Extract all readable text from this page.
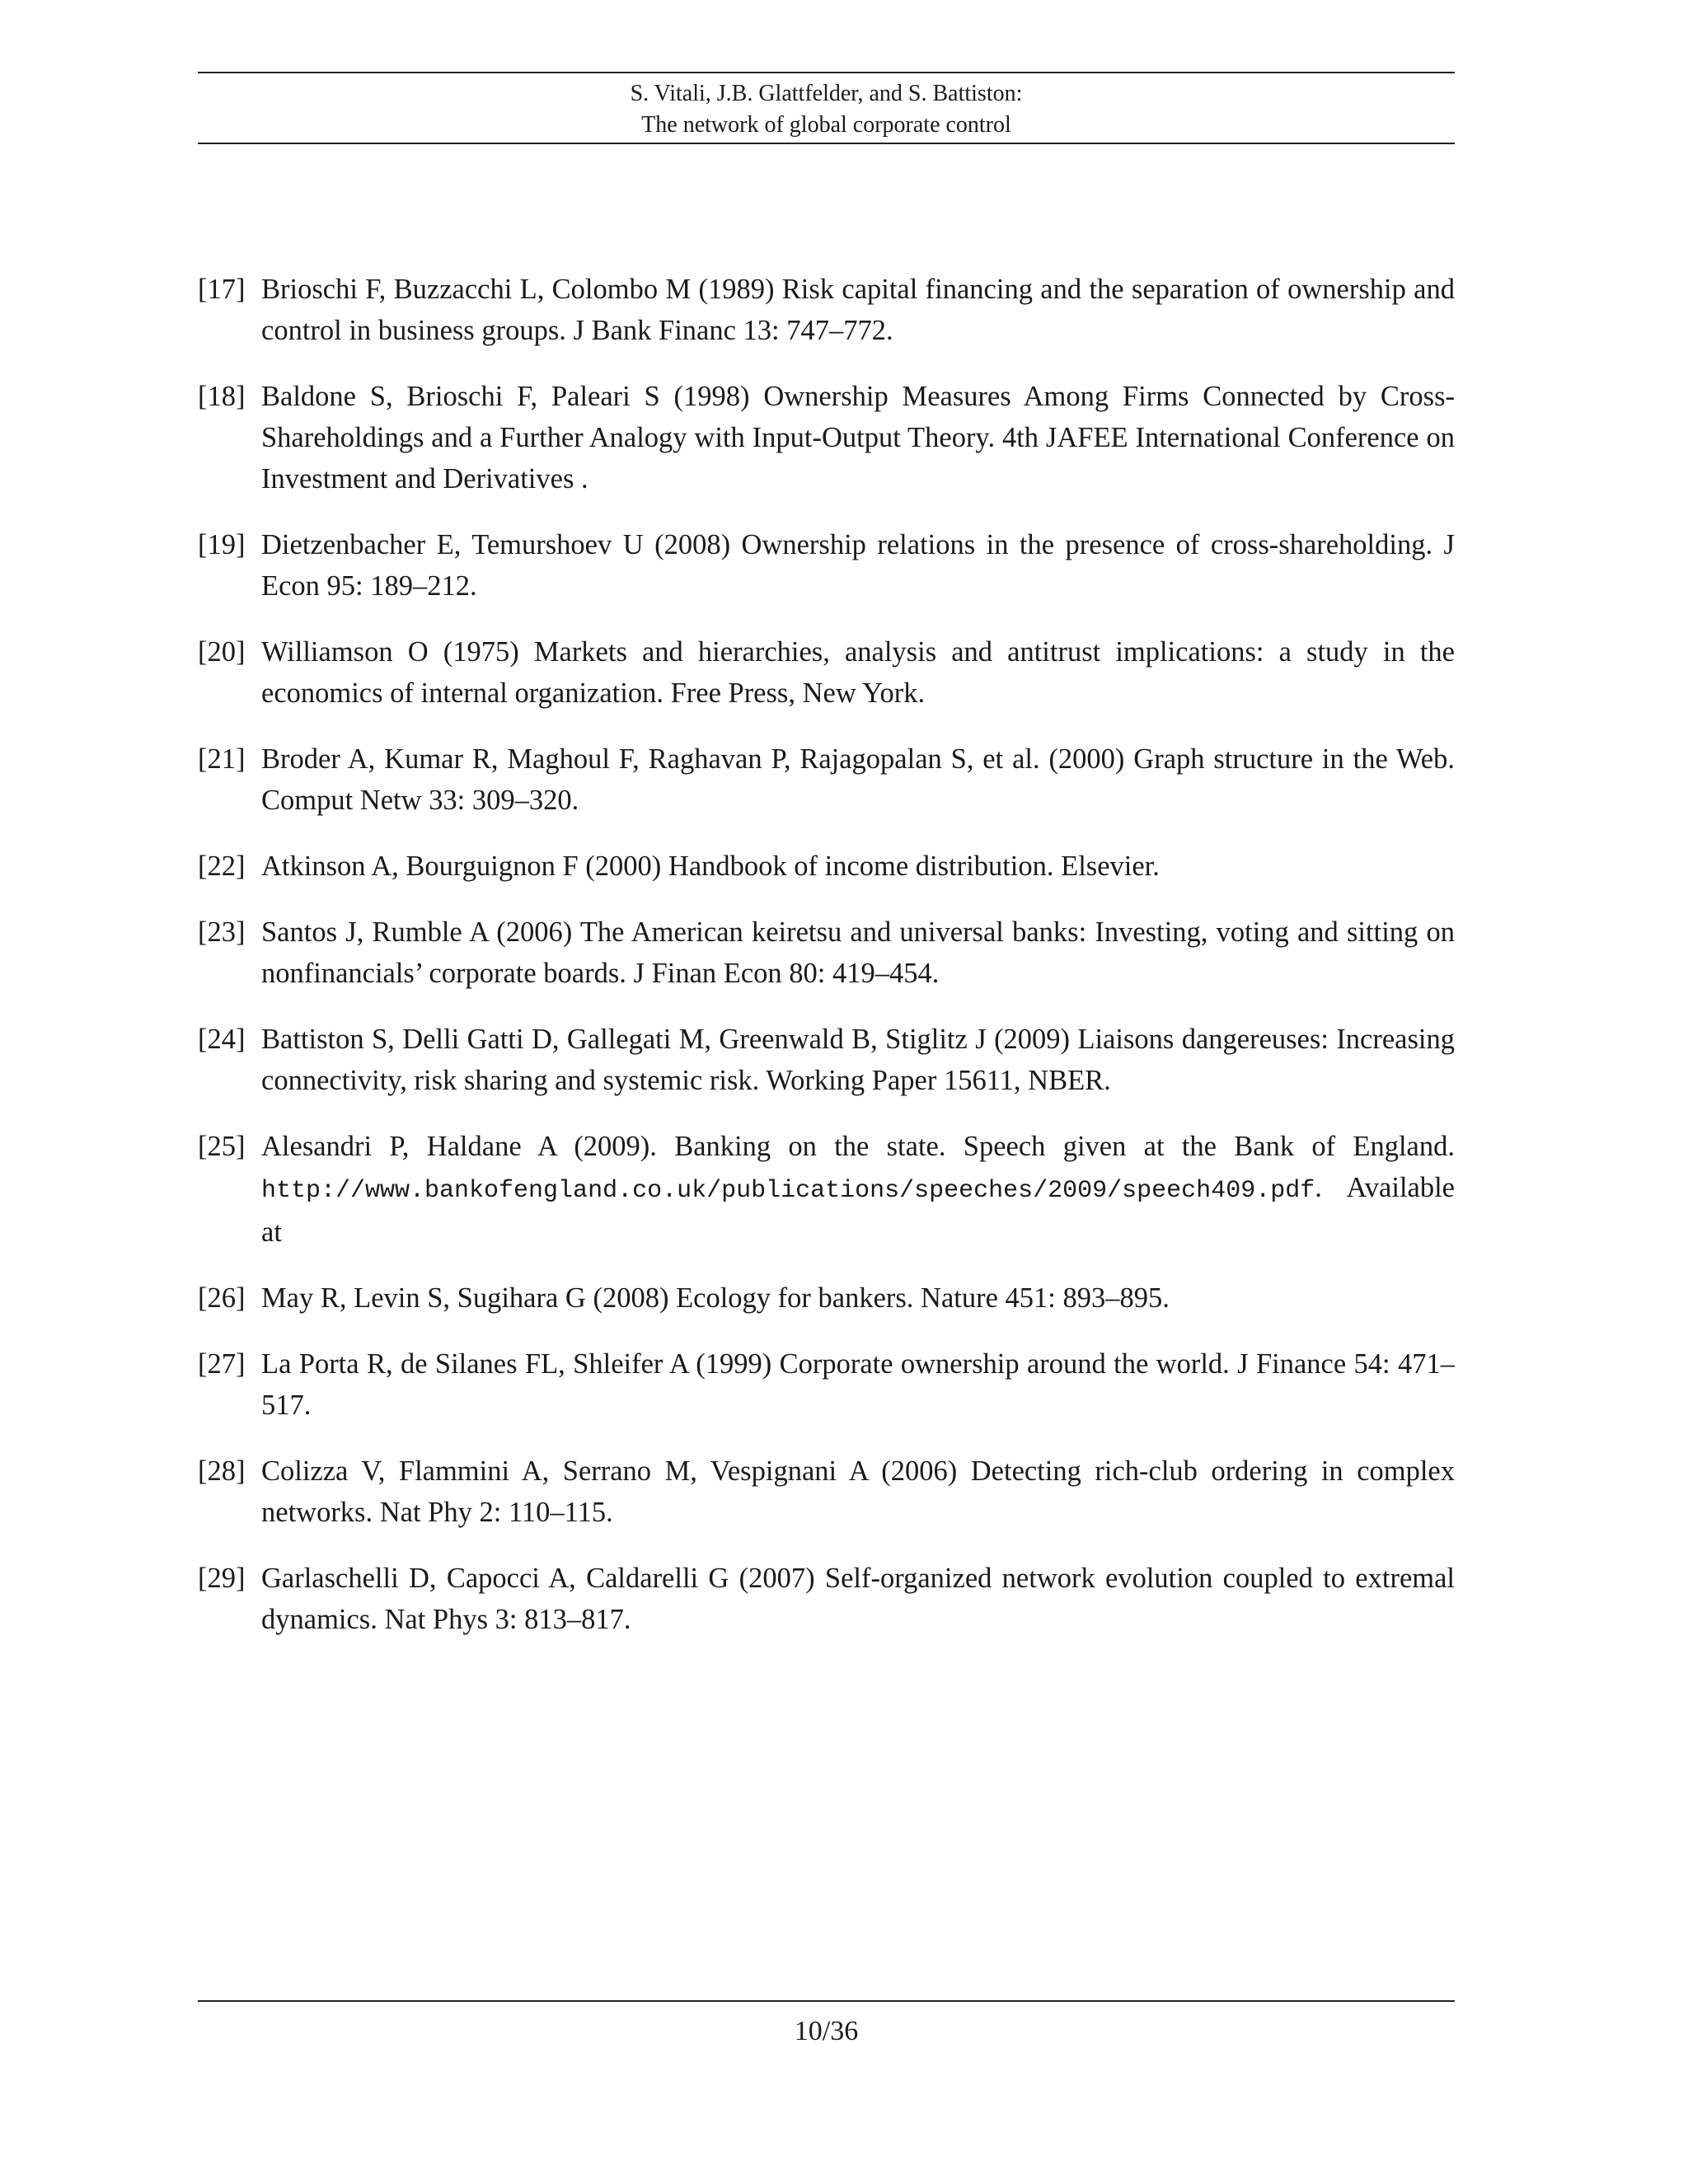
S. Vitali, J.B. Glattfelder, and S. Battiston:
The network of global corporate control
[17] Brioschi F, Buzzacchi L, Colombo M (1989) Risk capital financing and the separation of ownership and control in business groups. J Bank Financ 13: 747–772.
[18] Baldone S, Brioschi F, Paleari S (1998) Ownership Measures Among Firms Connected by Cross-Shareholdings and a Further Analogy with Input-Output Theory. 4th JAFEE International Conference on Investment and Derivatives .
[19] Dietzenbacher E, Temurshoev U (2008) Ownership relations in the presence of cross-shareholding. J Econ 95: 189–212.
[20] Williamson O (1975) Markets and hierarchies, analysis and antitrust implications: a study in the economics of internal organization. Free Press, New York.
[21] Broder A, Kumar R, Maghoul F, Raghavan P, Rajagopalan S, et al. (2000) Graph structure in the Web. Comput Netw 33: 309–320.
[22] Atkinson A, Bourguignon F (2000) Handbook of income distribution. Elsevier.
[23] Santos J, Rumble A (2006) The American keiretsu and universal banks: Investing, voting and sitting on nonfinancials’ corporate boards. J Finan Econ 80: 419–454.
[24] Battiston S, Delli Gatti D, Gallegati M, Greenwald B, Stiglitz J (2009) Liaisons dangereuses: Increasing connectivity, risk sharing and systemic risk. Working Paper 15611, NBER.
[25] Alesandri P, Haldane A (2009). Banking on the state. Speech given at the Bank of England. http://www.bankofengland.co.uk/publications/speeches/2009/speech409.pdf. Available at
[26] May R, Levin S, Sugihara G (2008) Ecology for bankers. Nature 451: 893–895.
[27] La Porta R, de Silanes FL, Shleifer A (1999) Corporate ownership around the world. J Finance 54: 471–517.
[28] Colizza V, Flammini A, Serrano M, Vespignani A (2006) Detecting rich-club ordering in complex networks. Nat Phy 2: 110–115.
[29] Garlaschelli D, Capocci A, Caldarelli G (2007) Self-organized network evolution coupled to extremal dynamics. Nat Phys 3: 813–817.
10/36
